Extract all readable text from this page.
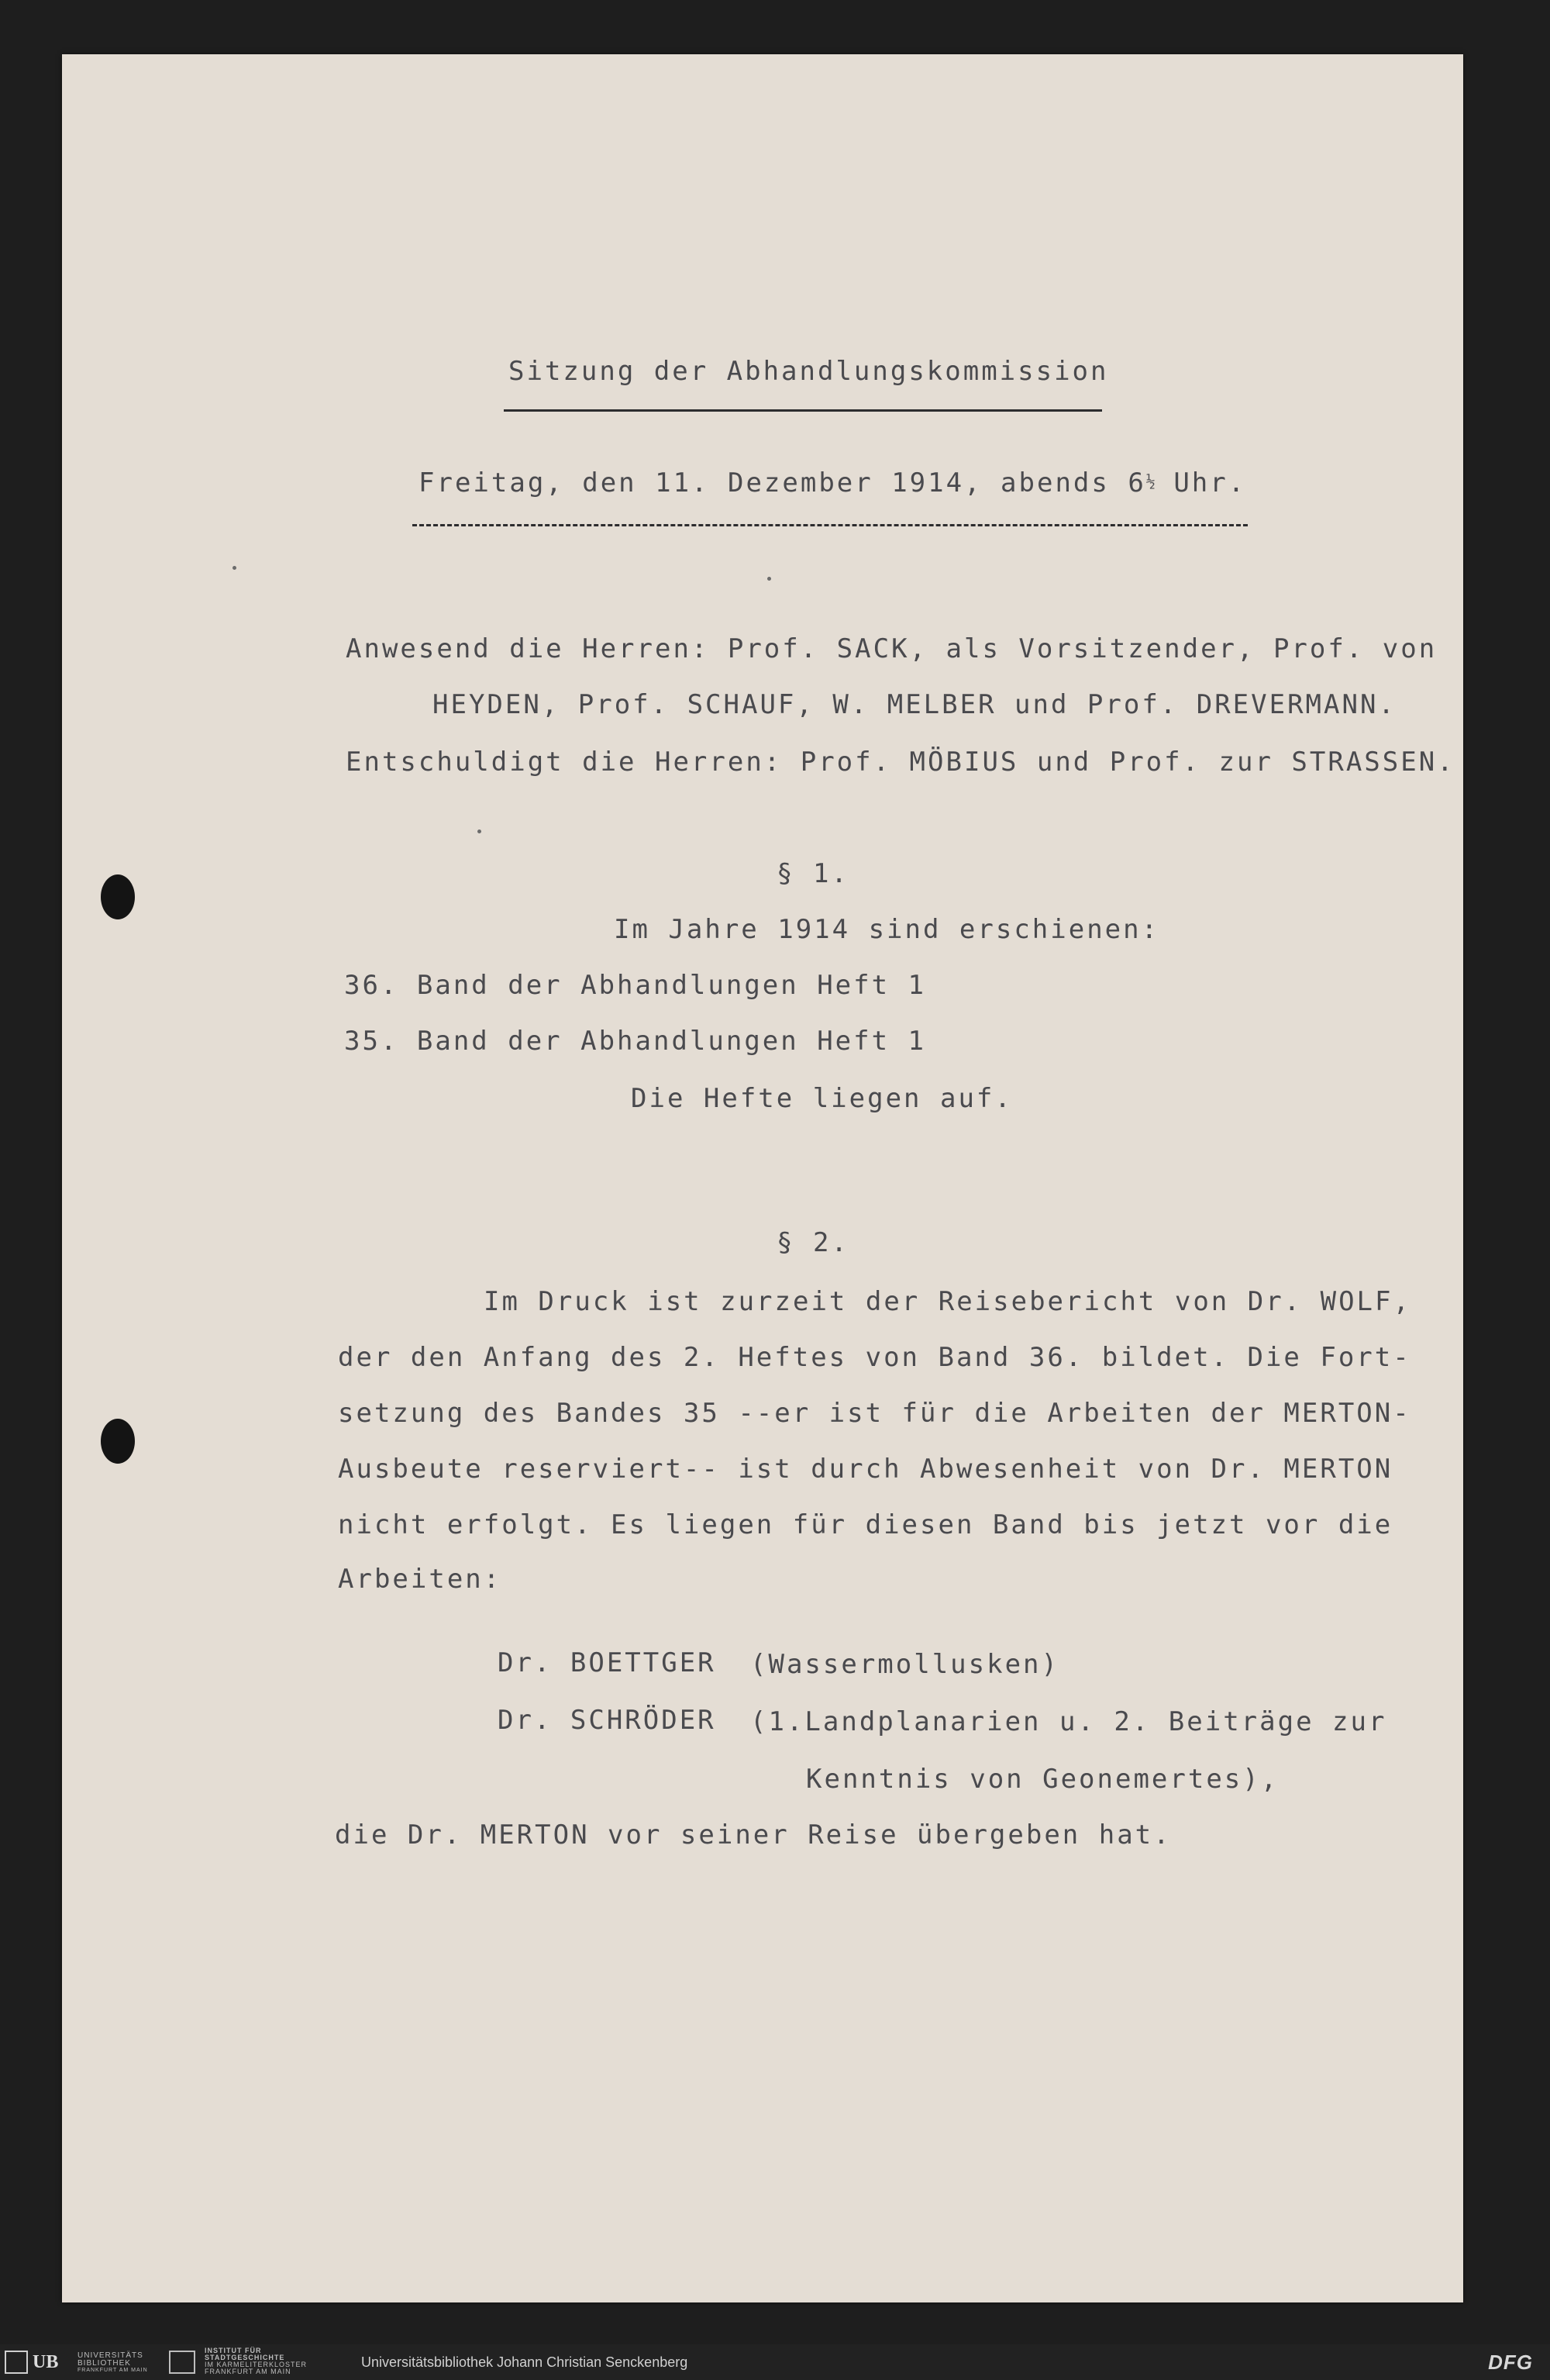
Sitzung der Abhandlungskommission
Freitag, den 11. Dezember 1914, abends 6½ Uhr.
Anwesend die Herren: Prof. SACK, als Vorsitzender, Prof. von
HEYDEN, Prof. SCHAUF, W. MELBER und Prof. DREVERMANN.
Entschuldigt die Herren: Prof. MÖBIUS und Prof. zur STRASSEN.
§ 1.
Im Jahre 1914 sind erschienen:
36. Band der Abhandlungen Heft 1
35. Band der Abhandlungen Heft 1
Die Hefte liegen auf.
§ 2.
Im Druck ist zurzeit der Reisebericht von Dr. WOLF,
der den Anfang des 2. Heftes von Band 36. bildet. Die Fort-
setzung des Bandes 35 --er ist für die Arbeiten der MERTON-
Ausbeute reserviert-- ist durch Abwesenheit von Dr. MERTON
nicht erfolgt. Es liegen für diesen Band bis jetzt vor die
Arbeiten:
Dr. BOETTGER (Wassermollusken)
Dr. SCHRÖDER (1.Landplanarien u. 2. Beiträge zur
Kenntnis von Geonemertes),
die Dr. MERTON vor seiner Reise übergeben hat.
UB UNIVERSITÄTS
BIBLIOTHEK
FRANKFURT AM MAIN
INSTITUT FÜR
STADTGESCHICHTE
IM KARMELITERKLOSTER
FRANKFURT AM MAIN
Universitätsbibliothek Johann Christian Senckenberg	DFG
